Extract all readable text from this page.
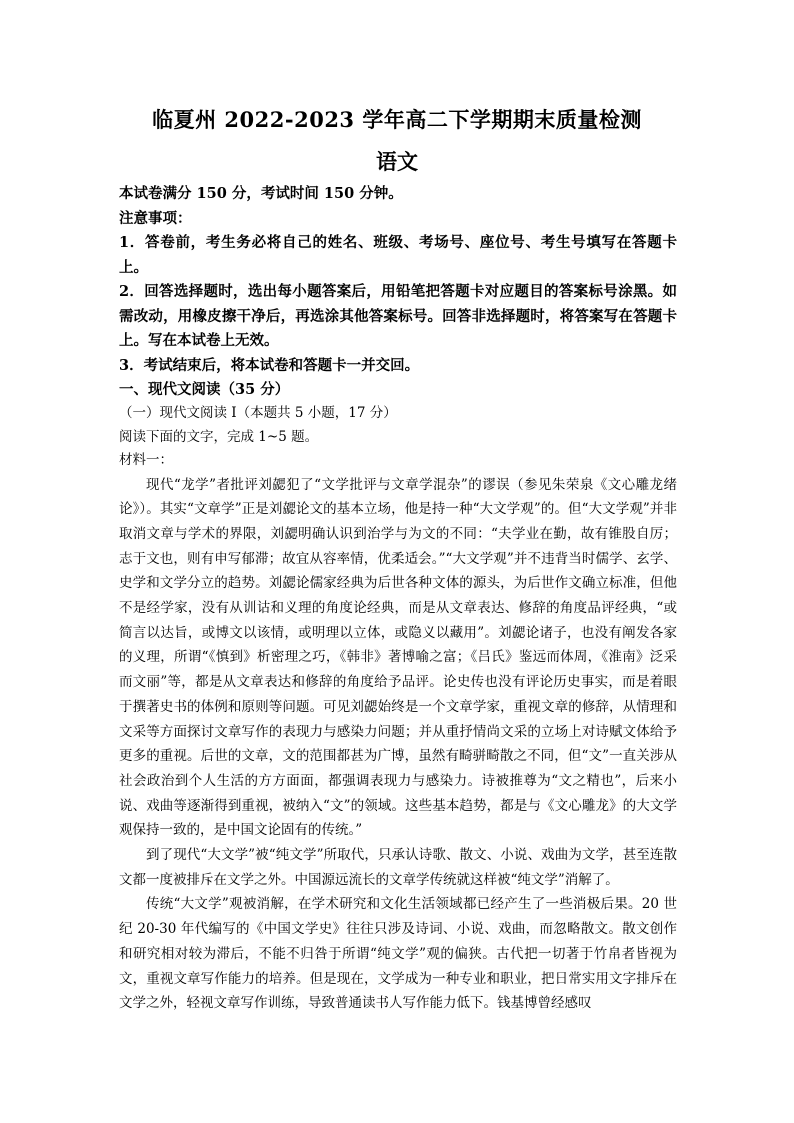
临夏州 2022-2023 学年高二下学期期末质量检测
语文

本试卷满分 150 分，考试时间 150 分钟。

注意事项：

1．答卷前，考生务必将自己的姓名、班级、考场号、座位号、考生号填写在答题卡上。

2．回答选择题时，选出每小题答案后，用铅笔把答题卡对应题目的答案标号涂黑。如需改动，用橡皮擦干净后，再选涂其他答案标号。回答非选择题时，将答案写在答题卡上。写在本试卷上无效。

3．考试结束后，将本试卷和答题卡一并交回。

一、现代文阅读（35 分）

（一）现代文阅读 I（本题共 5 小题，17 分）

阅读下面的文字，完成 1~5 题。

材料一：

现代“龙学”者批评刘勰犯了“文学批评与文章学混杂”的谬误（参见朱荣泉《文心雕龙绪论》）。其实“文章学”正是刘勰论文的基本立场，他是持一种“大文学观”的。但“大文学观”并非取消文章与学术的界限，刘勰明确认识到治学与为文的不同：“夫学业在勤，故有锥股自厉；志于文也，则有申写郁滞；故宜从容率情，优柔适会。”“大文学观”并不违背当时儒学、玄学、史学和文学分立的趋势。刘勰论儒家经典为后世各种文体的源头，为后世作文确立标准，但他不是经学家，没有从训诂和义理的角度论经典，而是从文章表达、修辞的角度品评经典，“或简言以达旨，或博文以该情，或明理以立体，或隐义以藏用”。刘勰论诸子，也没有阐发各家的义理，所谓“《慎到》析密理之巧，《韩非》著博喻之富；《吕氏》鉴远而体周，《淮南》泛采而文丽”等，都是从文章表达和修辞的角度给予品评。论史传也没有评论历史事实，而是着眼于撰著史书的体例和原则等问题。可见刘勰始终是一个文章学家，重视文章的修辞，从情理和文采等方面探讨文章写作的表现力与感染力问题；并从重抒情尚文采的立场上对诗赋文体给予更多的重视。后世的文章，文的范围都甚为广博，虽然有畸骈畸散之不同，但“文”一直关涉从社会政治到个人生活的方方面面，都强调表现力与感染力。诗被推尊为“文之精也”，后来小说、戏曲等逐渐得到重视，被纳入“文”的领域。这些基本趋势，都是与《文心雕龙》的大文学观保持一致的，是中国文论固有的传统。”

到了现代“大文学”被“纯文学”所取代，只承认诗歌、散文、小说、戏曲为文学，甚至连散文都一度被排斥在文学之外。中国源远流长的文章学传统就这样被“纯文学”消解了。

传统“大文学”观被消解，在学术研究和文化生活领域都已经产生了一些消极后果。20 世纪 20-30 年代编写的《中国文学史》往往只涉及诗词、小说、戏曲，而忽略散文。散文创作和研究相对较为滞后，不能不归咎于所谓“纯文学”观的偏狭。古代把一切著于竹帛者皆视为文，重视文章写作能力的培养。但是现在，文学成为一种专业和职业，把日常实用文字排斥在文学之外，轻视文章写作训练，导致普通读书人写作能力低下。钱基博曾经感叹
